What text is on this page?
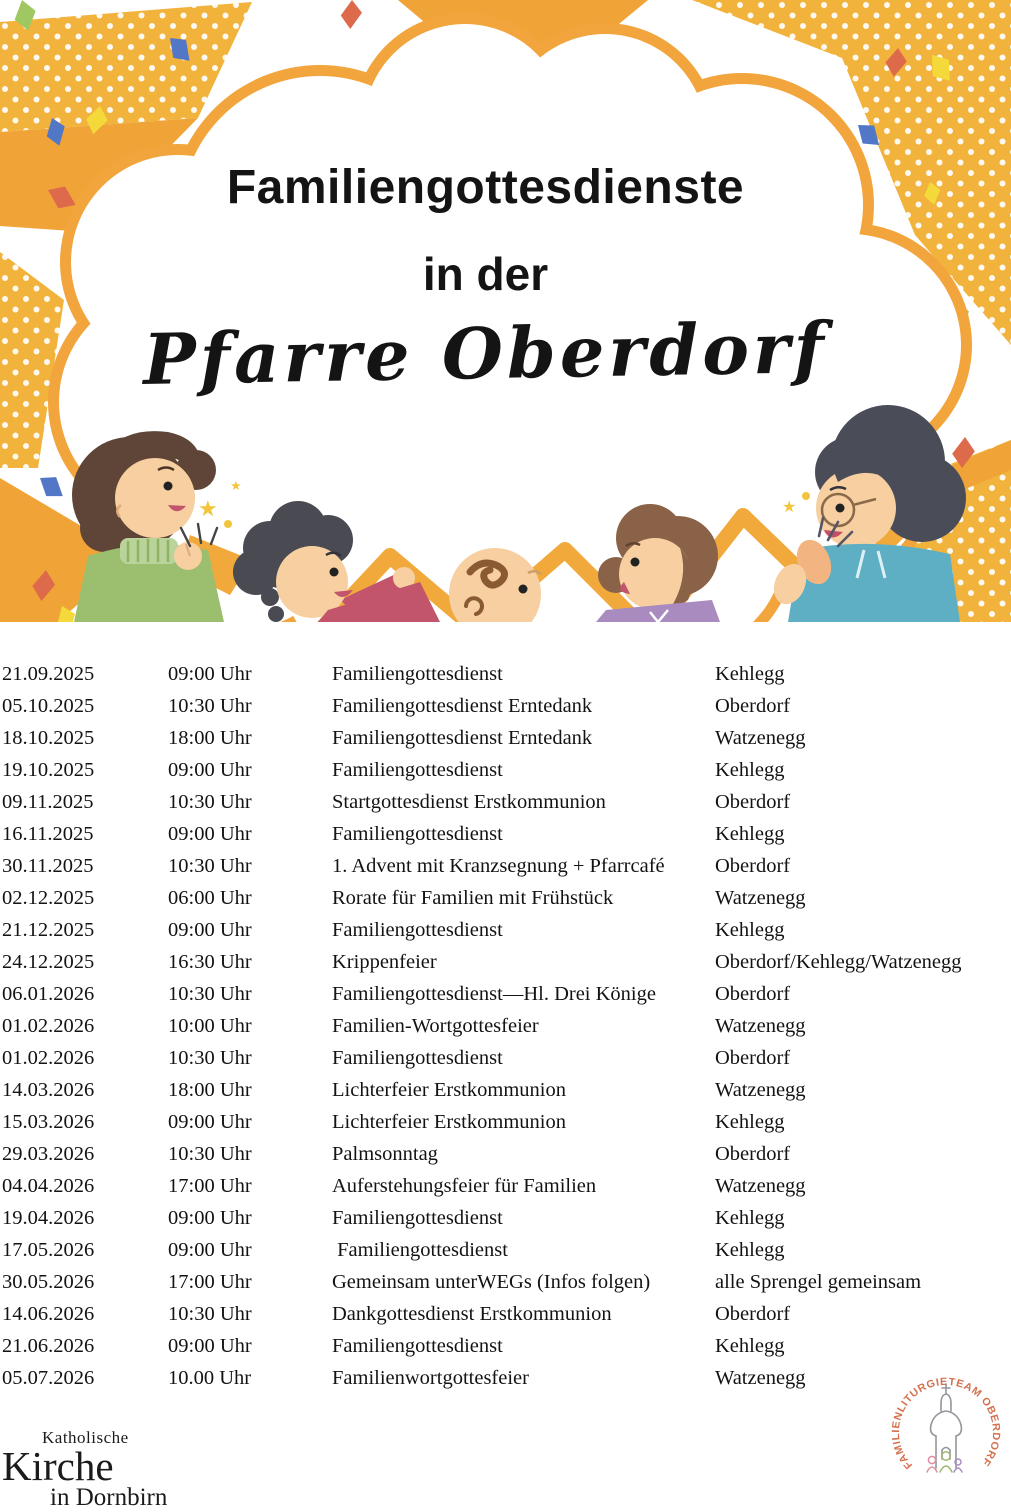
★
★
★
Familiengottesdienste
in der
Pfarre Oberdorf
21.09.2025	09:00 Uhr	Familiengottesdienst	Kehlegg
05.10.2025	10:30 Uhr	Familiengottesdienst Erntedank	Oberdorf
18.10.2025	18:00 Uhr	Familiengottesdienst Erntedank	Watzenegg
19.10.2025	09:00 Uhr	Familiengottesdienst	Kehlegg
09.11.2025	10:30 Uhr	Startgottesdienst Erstkommunion	Oberdorf
16.11.2025	09:00 Uhr	Familiengottesdienst	Kehlegg
30.11.2025	10:30 Uhr	1. Advent mit Kranzsegnung + Pfarrcafé	Oberdorf
02.12.2025	06:00 Uhr	Rorate für Familien mit Frühstück	Watzenegg
21.12.2025	09:00 Uhr	Familiengottesdienst	Kehlegg
24.12.2025	16:30 Uhr	Krippenfeier	Oberdorf/Kehlegg/Watzenegg
06.01.2026	10:30 Uhr	Familiengottesdienst—Hl. Drei Könige	Oberdorf
01.02.2026	10:00 Uhr	Familien-Wortgottesfeier	Watzenegg
01.02.2026	10:30 Uhr	Familiengottesdienst	Oberdorf
14.03.2026	18:00 Uhr	Lichterfeier Erstkommunion	Watzenegg
15.03.2026	09:00 Uhr	Lichterfeier Erstkommunion	Kehlegg
29.03.2026	10:30 Uhr	Palmsonntag	Oberdorf
04.04.2026	17:00 Uhr	Auferstehungsfeier für Familien	Watzenegg
19.04.2026	09:00 Uhr	Familiengottesdienst	Kehlegg
17.05.2026	09:00 Uhr	Familiengottesdienst	Kehlegg
30.05.2026	17:00 Uhr	Gemeinsam unterWEGs (Infos folgen)	alle Sprengel gemeinsam
14.06.2026	10:30 Uhr	Dankgottesdienst Erstkommunion	Oberdorf
21.06.2026	09:00 Uhr	Familiengottesdienst	Kehlegg
05.07.2026	10.00 Uhr	Familienwortgottesfeier	Watzenegg
Katholische
Kirche
in Dornbirn
FAMILIENLITURGIETEAM OBERDORF
